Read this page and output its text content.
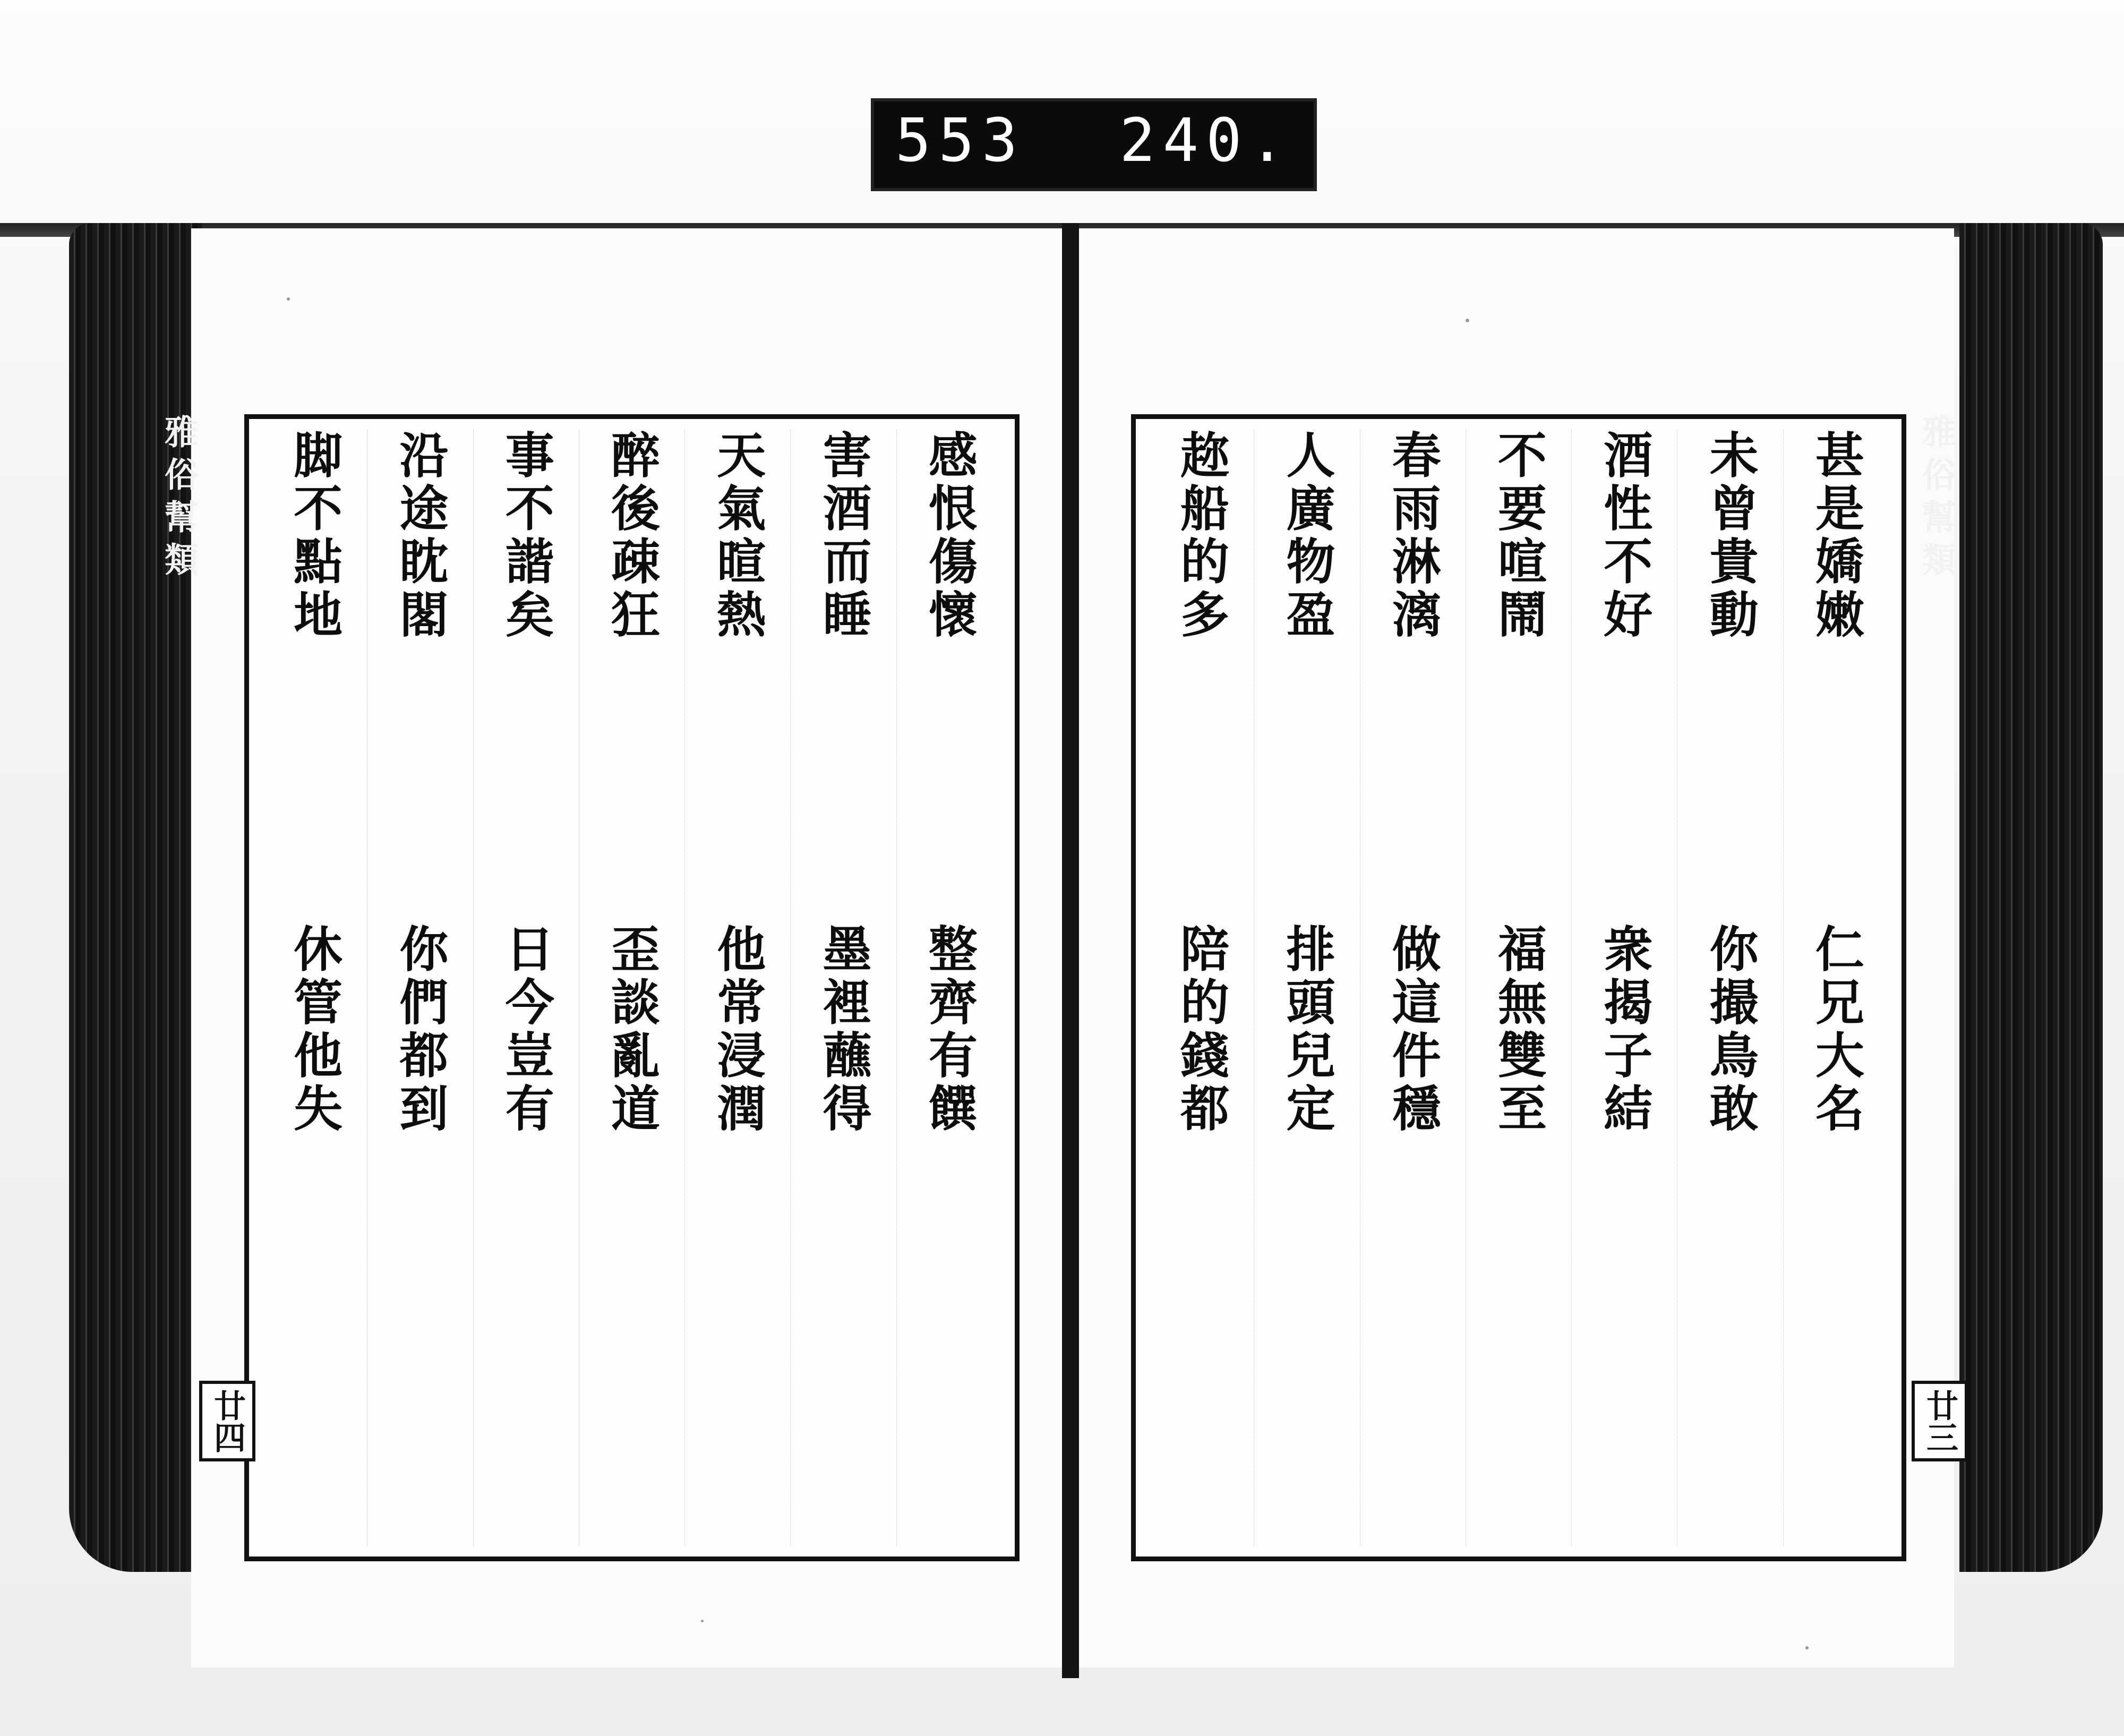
553 240.
雅俗幫類	雅俗幫類
感恨傷懷
整齊有饌
害酒而睡
墨裡蘸得
天氣暄熱
他常浸潤
醉後疎狂
歪談亂道
事不諧矣
日今豈有
沿途眈閣
你們都到
脚不點地
休管他失
甚是嬌嫩
仁兄大名
未曾貴動
你撮鳥敢
酒性不好
衆揭子結
不要喧鬧
福無雙至
春雨淋漓
做這件穩
人廣物盈
排頭兒定
趂船的多
陪的錢都
廿四	廿三
